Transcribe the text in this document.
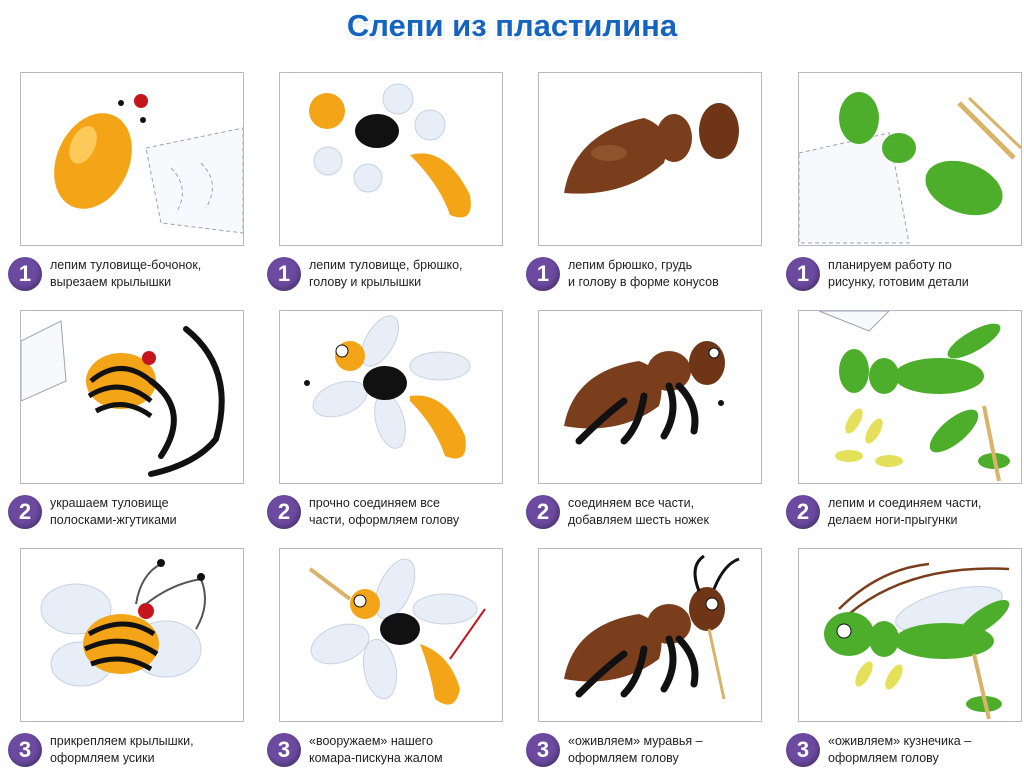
Слепи из пластилина
1	лепим туловище-бочонок,
вырезаем крылышки	1	лепим туловище, брюшко,
голову и крылышки	1	лепим брюшко, грудь
и голову в форме конусов	1	планируем работу по
рисунку, готовим детали
2	украшаем туловище
полосками-жгутиками	2	прочно соединяем все
части, оформляем голову	2	соединяем все части,
добавляем шесть ножек	2	лепим и соединяем части,
делаем ноги-прыгунки
3	прикрепляем крылышки,
оформляем усики	3	«вооружаем» нашего
комара-пискуна жалом	3	«оживляем» муравья –
оформляем голову	3	«оживляем» кузнечика –
оформляем голову
